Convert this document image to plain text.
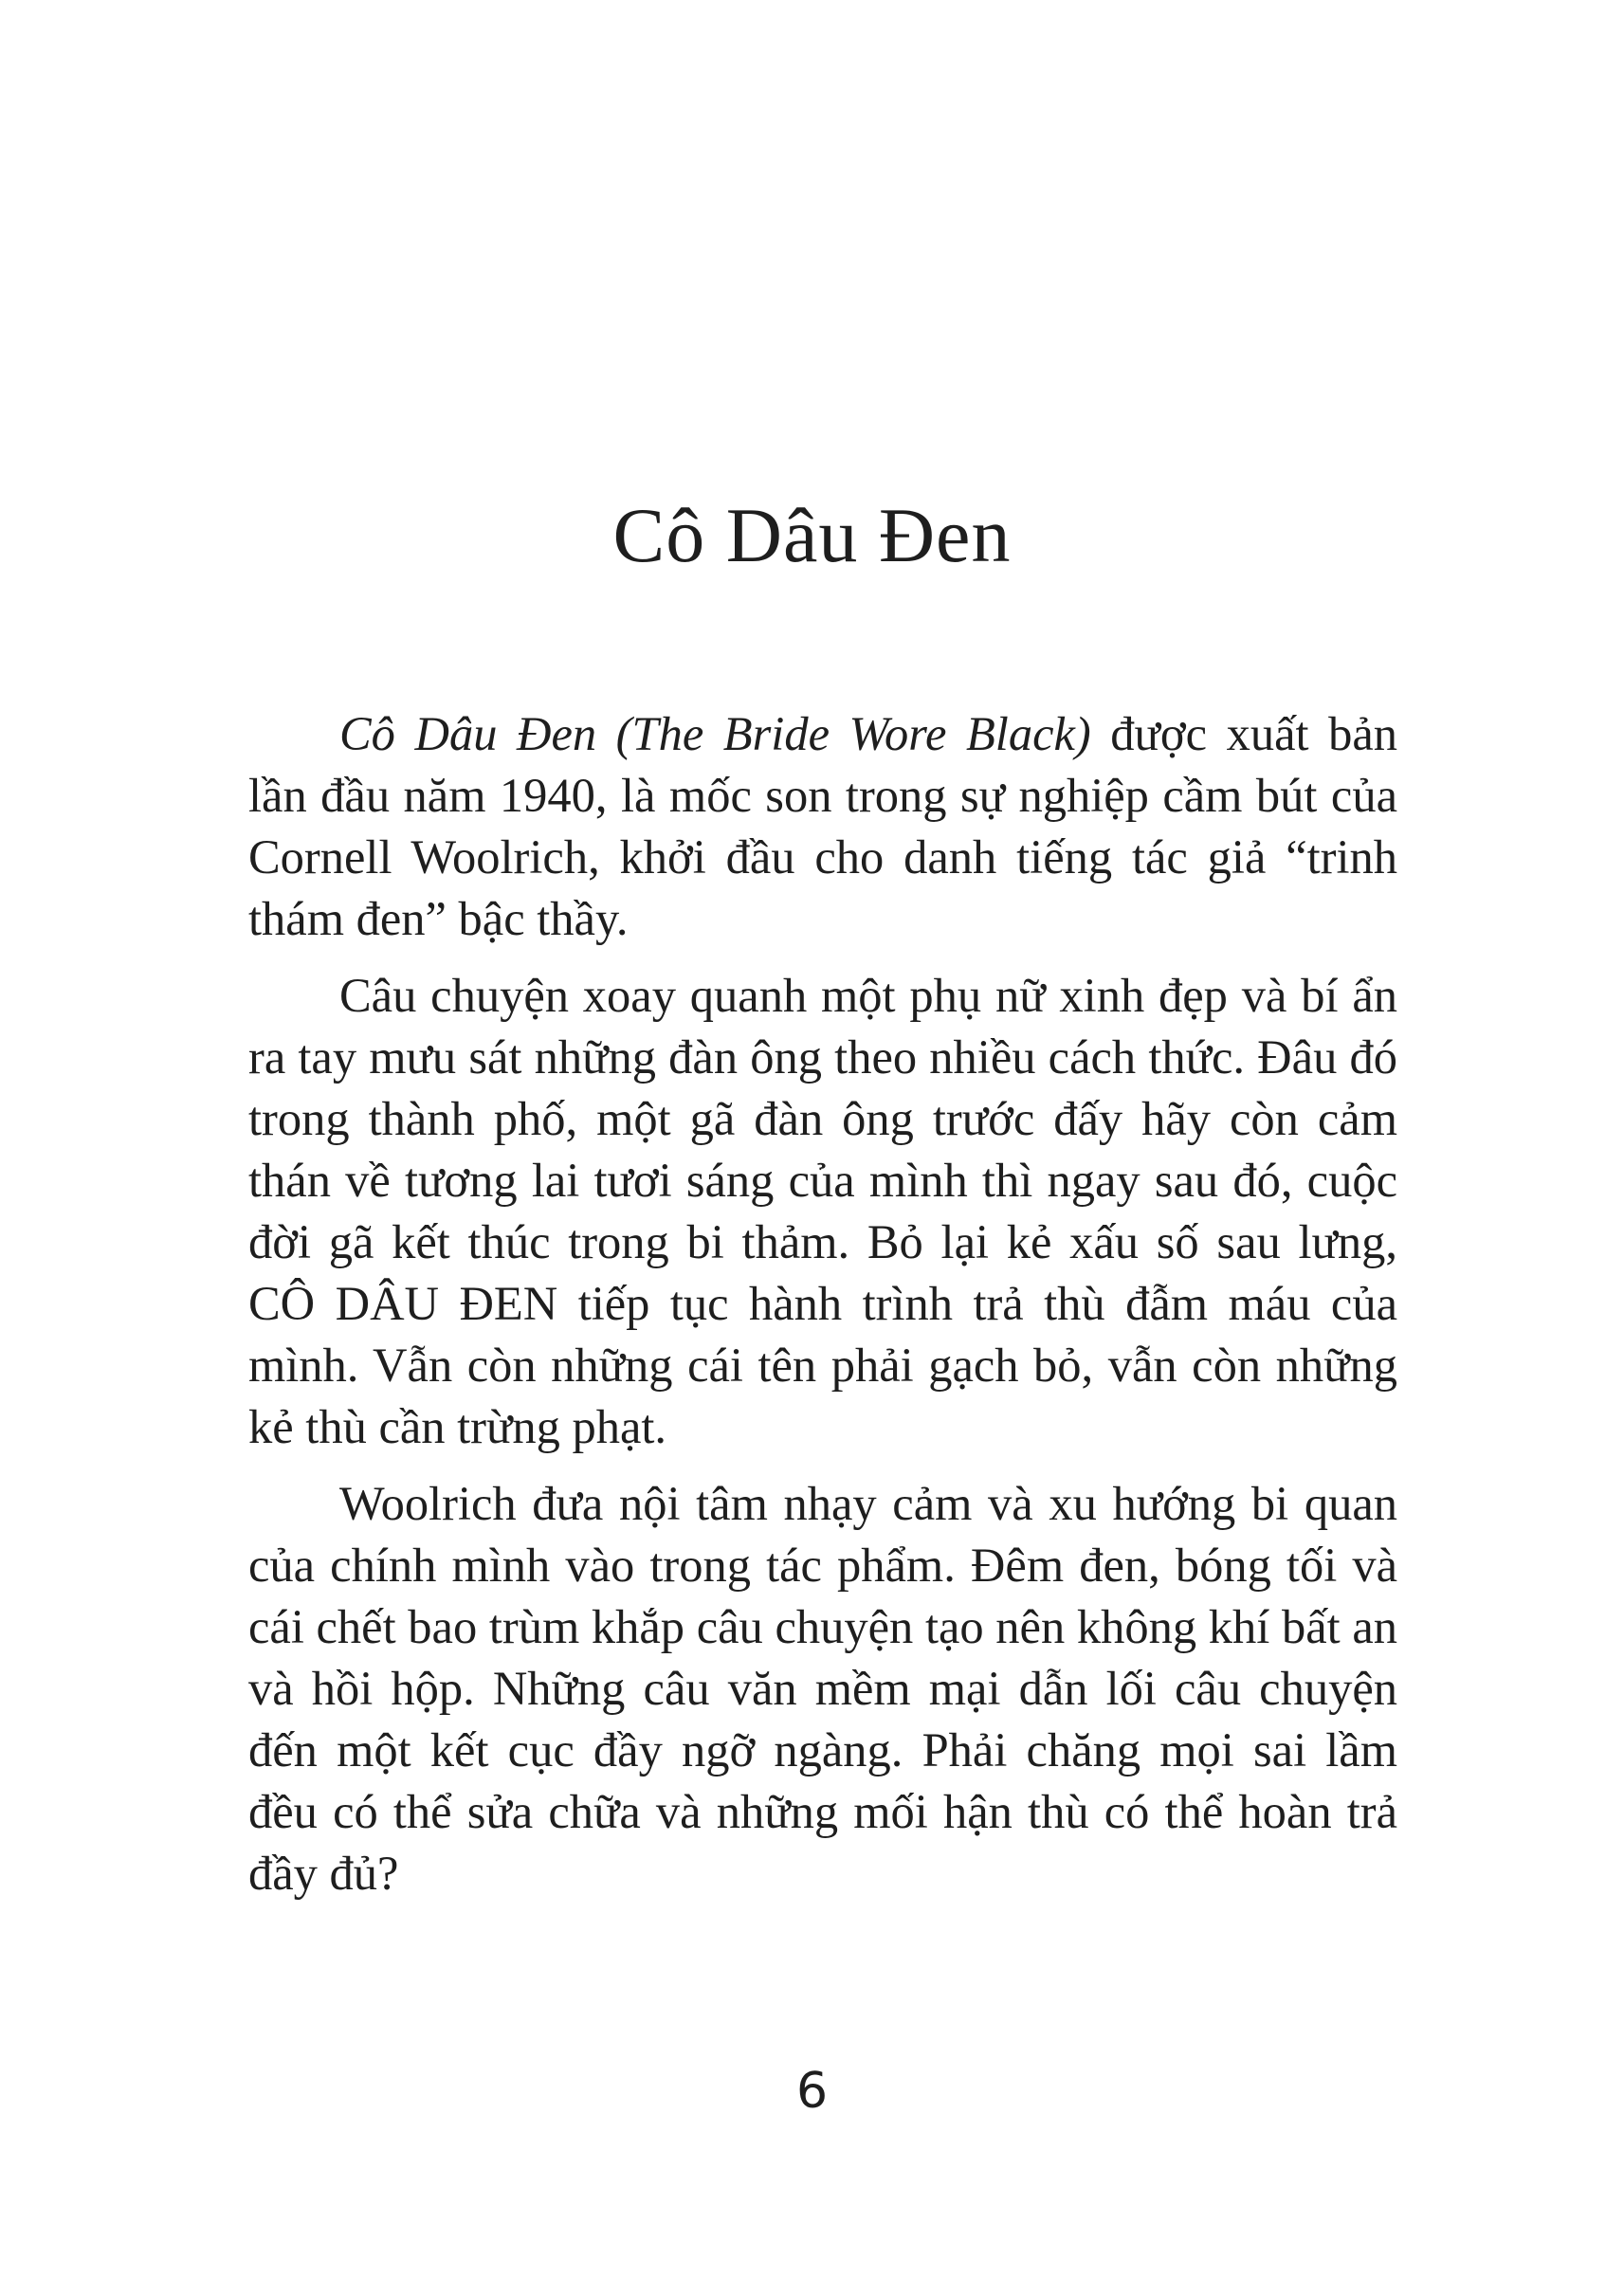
Cô Dâu Đen

Cô Dâu Đen (The Bride Wore Black) được xuất bản lần đầu năm 1940, là mốc son trong sự nghiệp cầm bút của Cornell Woolrich, khởi đầu cho danh tiếng tác giả “trinh thám đen” bậc thầy.

Câu chuyện xoay quanh một phụ nữ xinh đẹp và bí ẩn ra tay mưu sát những đàn ông theo nhiều cách thức. Đâu đó trong thành phố, một gã đàn ông trước đấy hãy còn cảm thán về tương lai tươi sáng của mình thì ngay sau đó, cuộc đời gã kết thúc trong bi thảm. Bỏ lại kẻ xấu số sau lưng, CÔ DÂU ĐEN tiếp tục hành trình trả thù đẫm máu của mình. Vẫn còn những cái tên phải gạch bỏ, vẫn còn những kẻ thù cần trừng phạt.

Woolrich đưa nội tâm nhạy cảm và xu hướng bi quan của chính mình vào trong tác phẩm. Đêm đen, bóng tối và cái chết bao trùm khắp câu chuyện tạo nên không khí bất an và hồi hộp. Những câu văn mềm mại dẫn lối câu chuyện đến một kết cục đầy ngỡ ngàng. Phải chăng mọi sai lầm đều có thể sửa chữa và những mối hận thù có thể hoàn trả đầy đủ?

6
